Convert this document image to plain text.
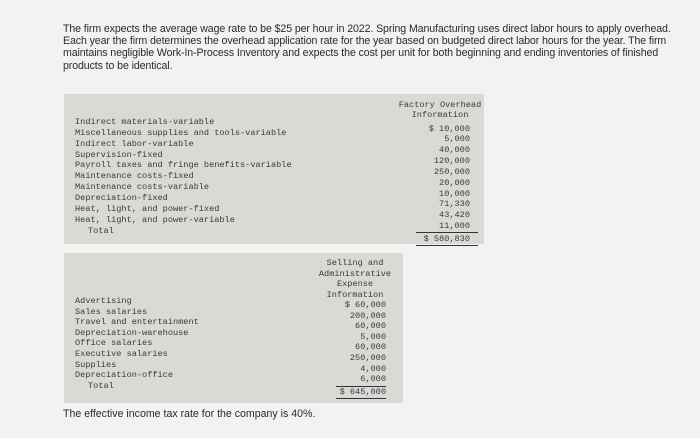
The firm expects the average wage rate to be $25 per hour in 2022. Spring Manufacturing uses direct labor hours to apply overhead. Each year the firm determines the overhead application rate for the year based on budgeted direct labor hours for the year. The firm maintains negligible Work-In-Process Inventory and expects the cost per unit for both beginning and ending inventories of finished products to be identical.
Factory Overhead
Information
Indirect materials-variable
Miscellaneous supplies and tools-variable
Indirect labor-variable
Supervision-fixed
Payroll taxes and fringe benefits-variable
Maintenance costs-fixed
Maintenance costs-variable
Depreciation-fixed
Heat, light, and power-fixed
Heat, light, and power-variable
$ 10,000
5,000
40,000
120,000
250,000
20,000
10,000
71,330
43,420
11,000
Total
$ 580,830
Selling and
Administrative
Expense
Information
Advertising
Sales salaries
Travel and entertainment
Depreciation-warehouse
Office salaries
Executive salaries
Supplies
Depreciation-office
$ 60,000
200,000
60,000
5,000
60,000
250,000
4,000
6,000
Total
$ 645,000
The effective income tax rate for the company is 40%.
